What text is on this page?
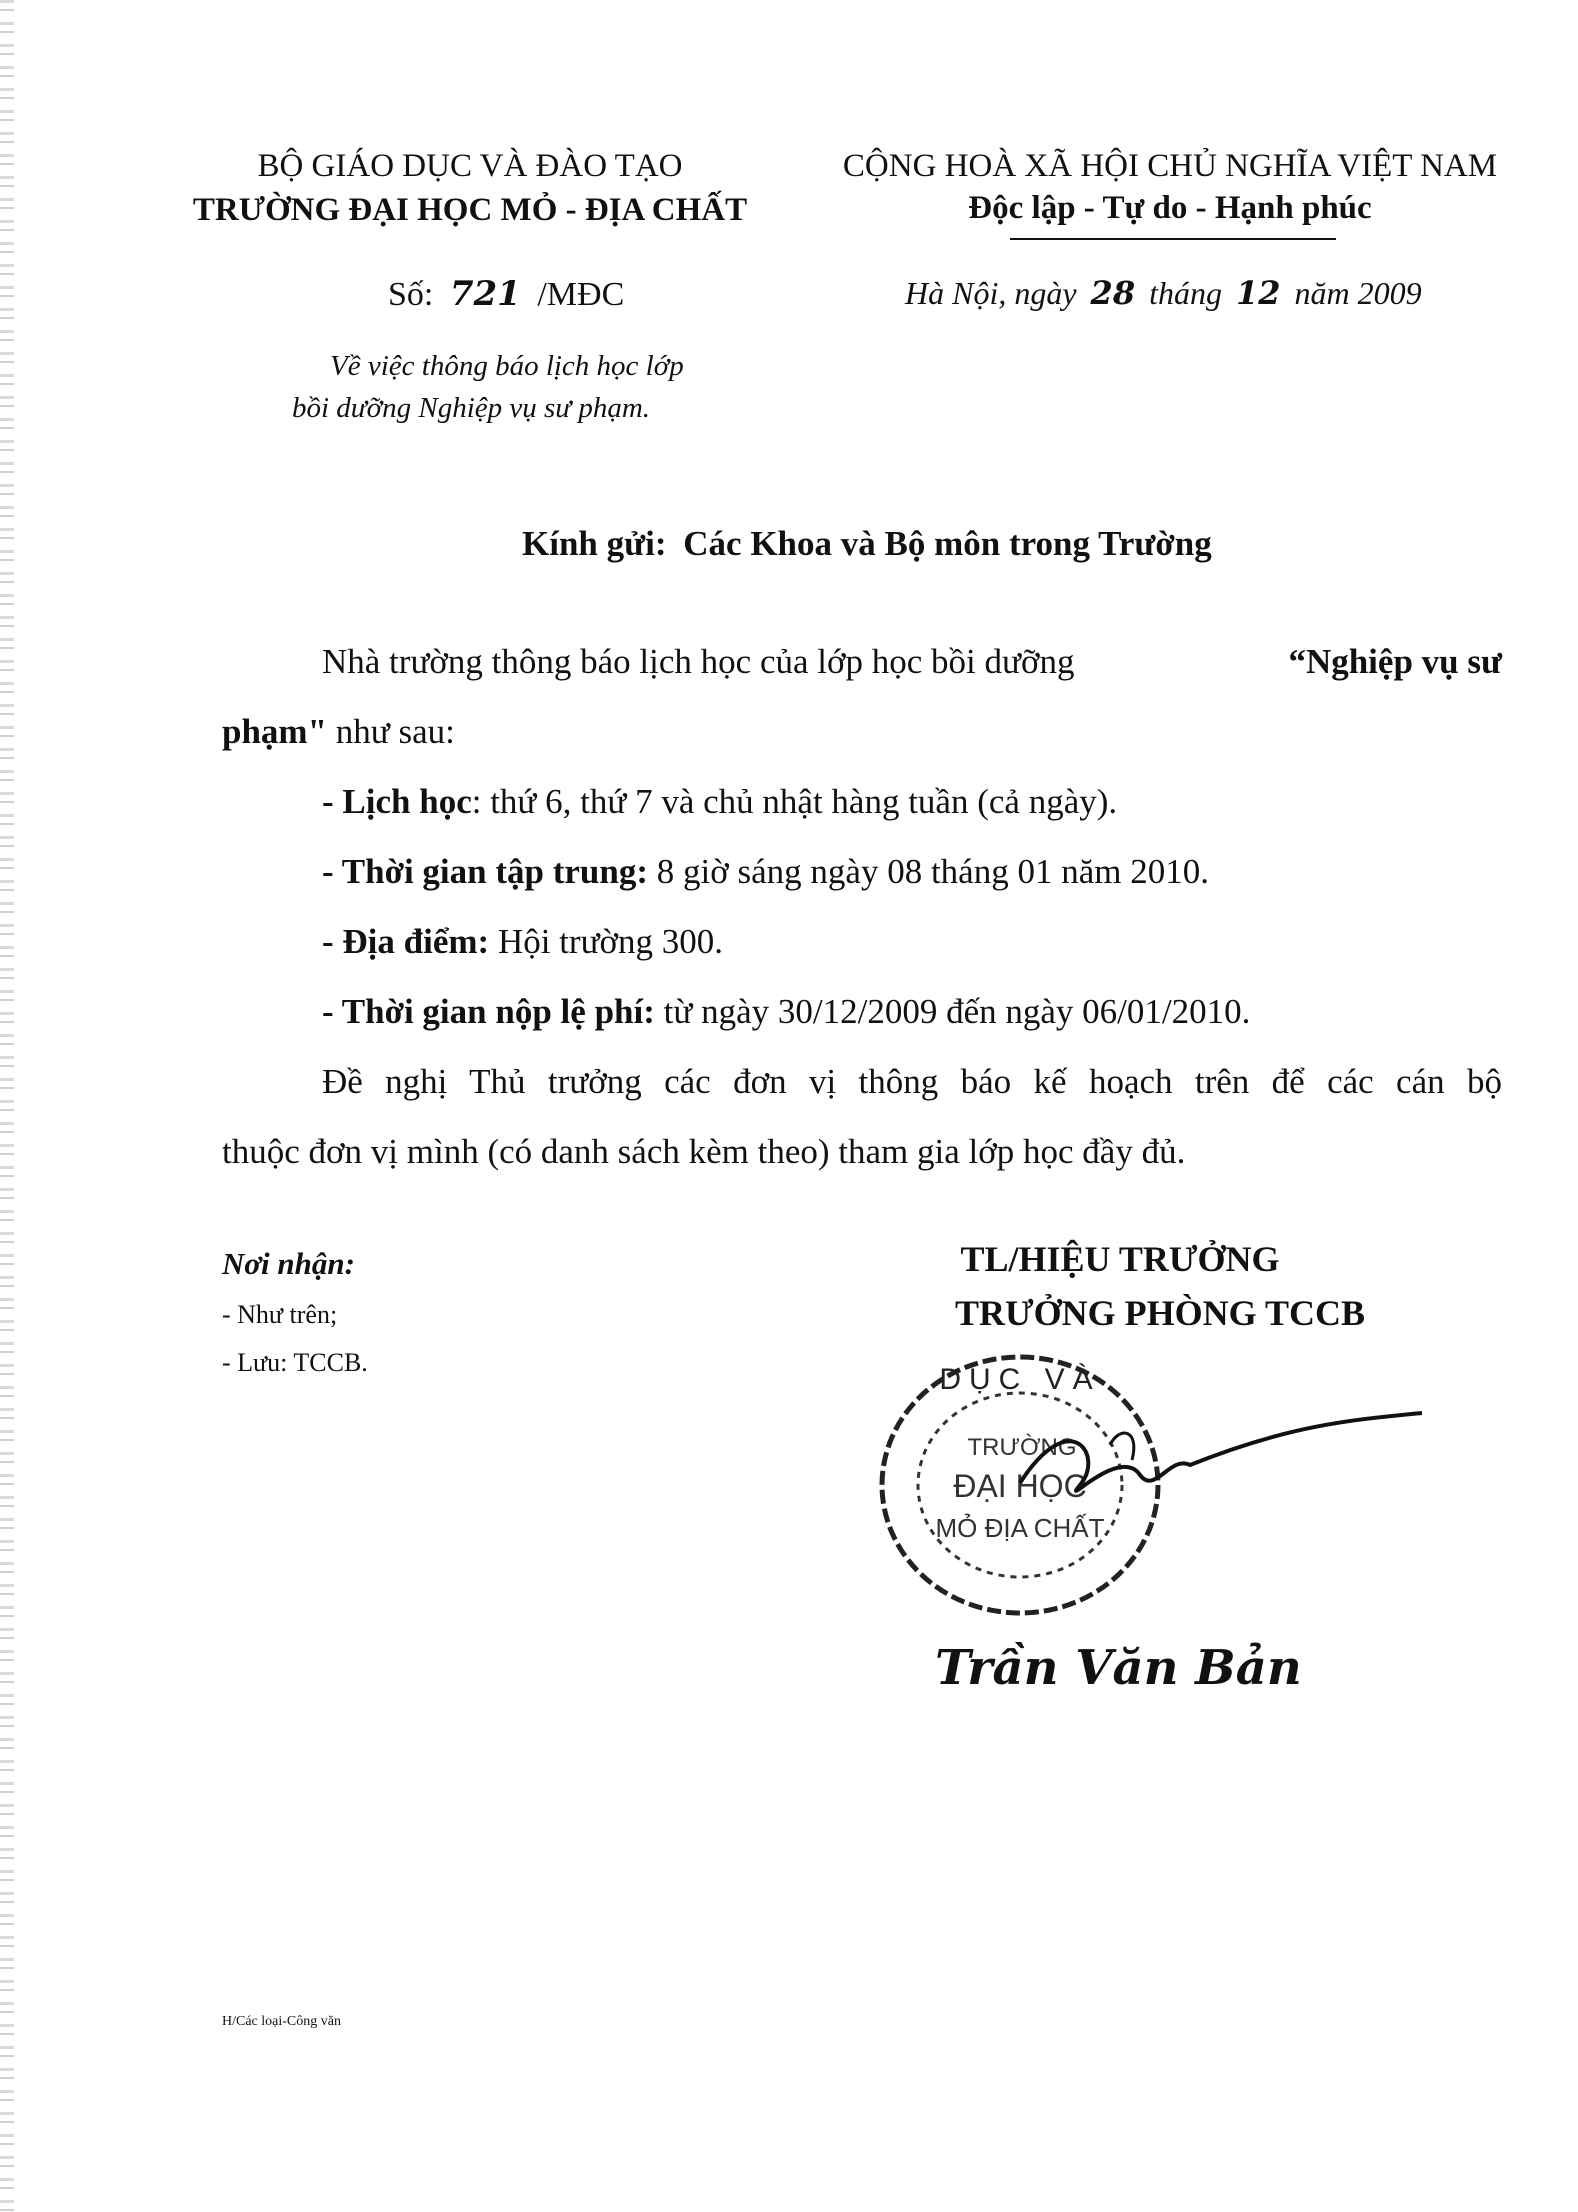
BỘ GIÁO DỤC VÀ ĐÀO TẠO
TRƯỜNG ĐẠI HỌC MỎ - ĐỊA CHẤT
Số: 721 /MĐC
Về việc thông báo lịch học lớp
bồi dưỡng Nghiệp vụ sư phạm.
CỘNG HOÀ XÃ HỘI CHỦ NGHĨA VIỆT NAM
Độc lập - Tự do - Hạnh phúc
Hà Nội, ngày 28 tháng 12 năm 2009
Kính gửi: Các Khoa và Bộ môn trong Trường
Nhà trường thông báo lịch học của lớp học bồi dưỡng	“Nghiệp vụ sư
phạm" như sau:
- Lịch học: thứ 6, thứ 7 và chủ nhật hàng tuần (cả ngày).
- Thời gian tập trung: 8 giờ sáng ngày 08 tháng 01 năm 2010.
- Địa điểm: Hội trường 300.
- Thời gian nộp lệ phí: từ ngày 30/12/2009 đến ngày 06/01/2010.
Đề nghị Thủ trưởng các đơn vị thông báo kế hoạch trên để các cán bộ
thuộc đơn vị mình (có danh sách kèm theo) tham gia lớp học đầy đủ.
Nơi nhận:
- Như trên;
- Lưu: TCCB.
TL/HIỆU TRƯỞNG
TRƯỞNG PHÒNG TCCB
DỤC VÀ
TRƯỜNG
ĐẠI HỌC
MỎ ĐỊA CHẤT
Trần Văn Bản
H/Các loại-Công văn
